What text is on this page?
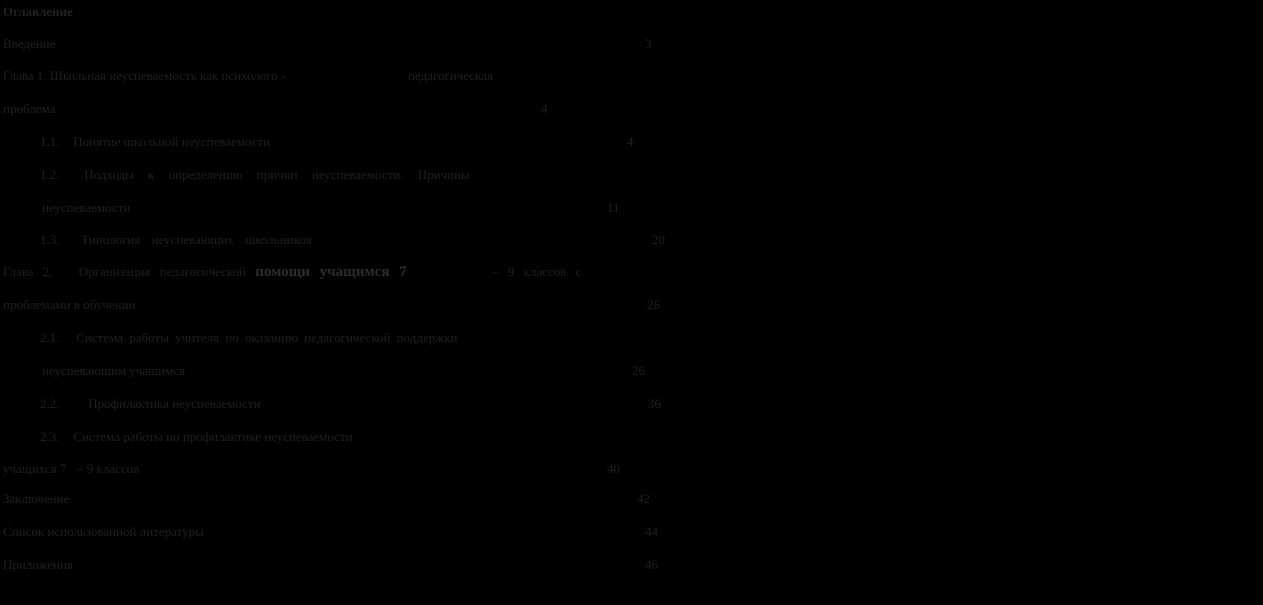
Оглавление
Введение	3
Глава 1. Школьная неуспеваемость как психолого -	педагогическая
проблема	4
1.1. Понятие школьной неуспеваемости	4
1.2. Подходы к определению причин неуспеваемости. Причины
неуспеваемости	11
1.3. Типология неуспевающих школьников	20
Глава 2. Организация педагогической помощи учащимся 7	– 9 классов с
проблемами в обучении	26
2.1. Система работы учителя по оказанию педагогической поддержки
неуспевающим учащимся	26
2.2. Профилактика неуспеваемости	36
2.3. Система работы по профилактике неуспеваемости
учащихся 7 – 9 классов	40
Заключение	42
Список использованной литературы	44
Приложения	46
